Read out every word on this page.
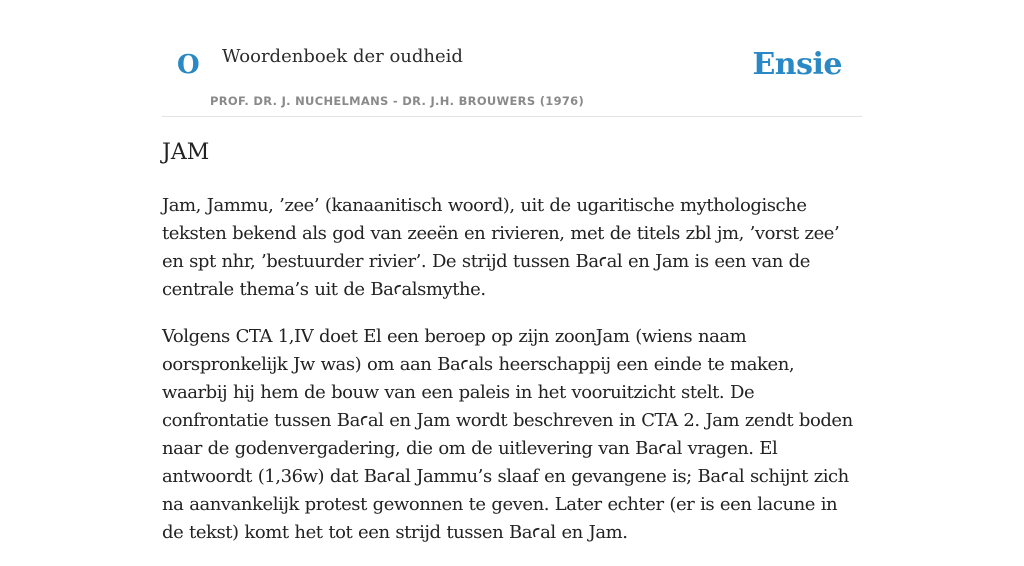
O Woordenboek der oudheid
PROF. DR. J. NUCHELMANS - DR. J.H. BROUWERS (1976)
Ensie
JAM

Jam, Jammu, ’zee’ (kanaanitisch woord), uit de ugaritische mythologische teksten bekend als god van zeeën en rivieren, met de titels zbl jm, ’vorst zee’ en spt nhr, ’bestuurder rivier’. De strijd tussen Baꜥal en Jam is een van de centrale thema’s uit de Baꜥalsmythe.

Volgens CTA 1,IV doet El een beroep op zijn zoonJam (wiens naam oorspronkelijk Jw was) om aan Baꜥals heerschappij een einde te maken, waarbij hij hem de bouw van een paleis in het vooruitzicht stelt. De confrontatie tussen Baꜥal en Jam wordt beschreven in CTA 2. Jam zendt boden naar de godenvergadering, die om de uitlevering van Baꜥal vragen. El antwoordt (1,36w) dat Baꜥal Jammu’s slaaf en gevangene is; Baꜥal schijnt zich na aanvankelijk protest gewonnen te geven. Later echter (er is een lacune in de tekst) komt het tot een strijd tussen Baꜥal en Jam.
